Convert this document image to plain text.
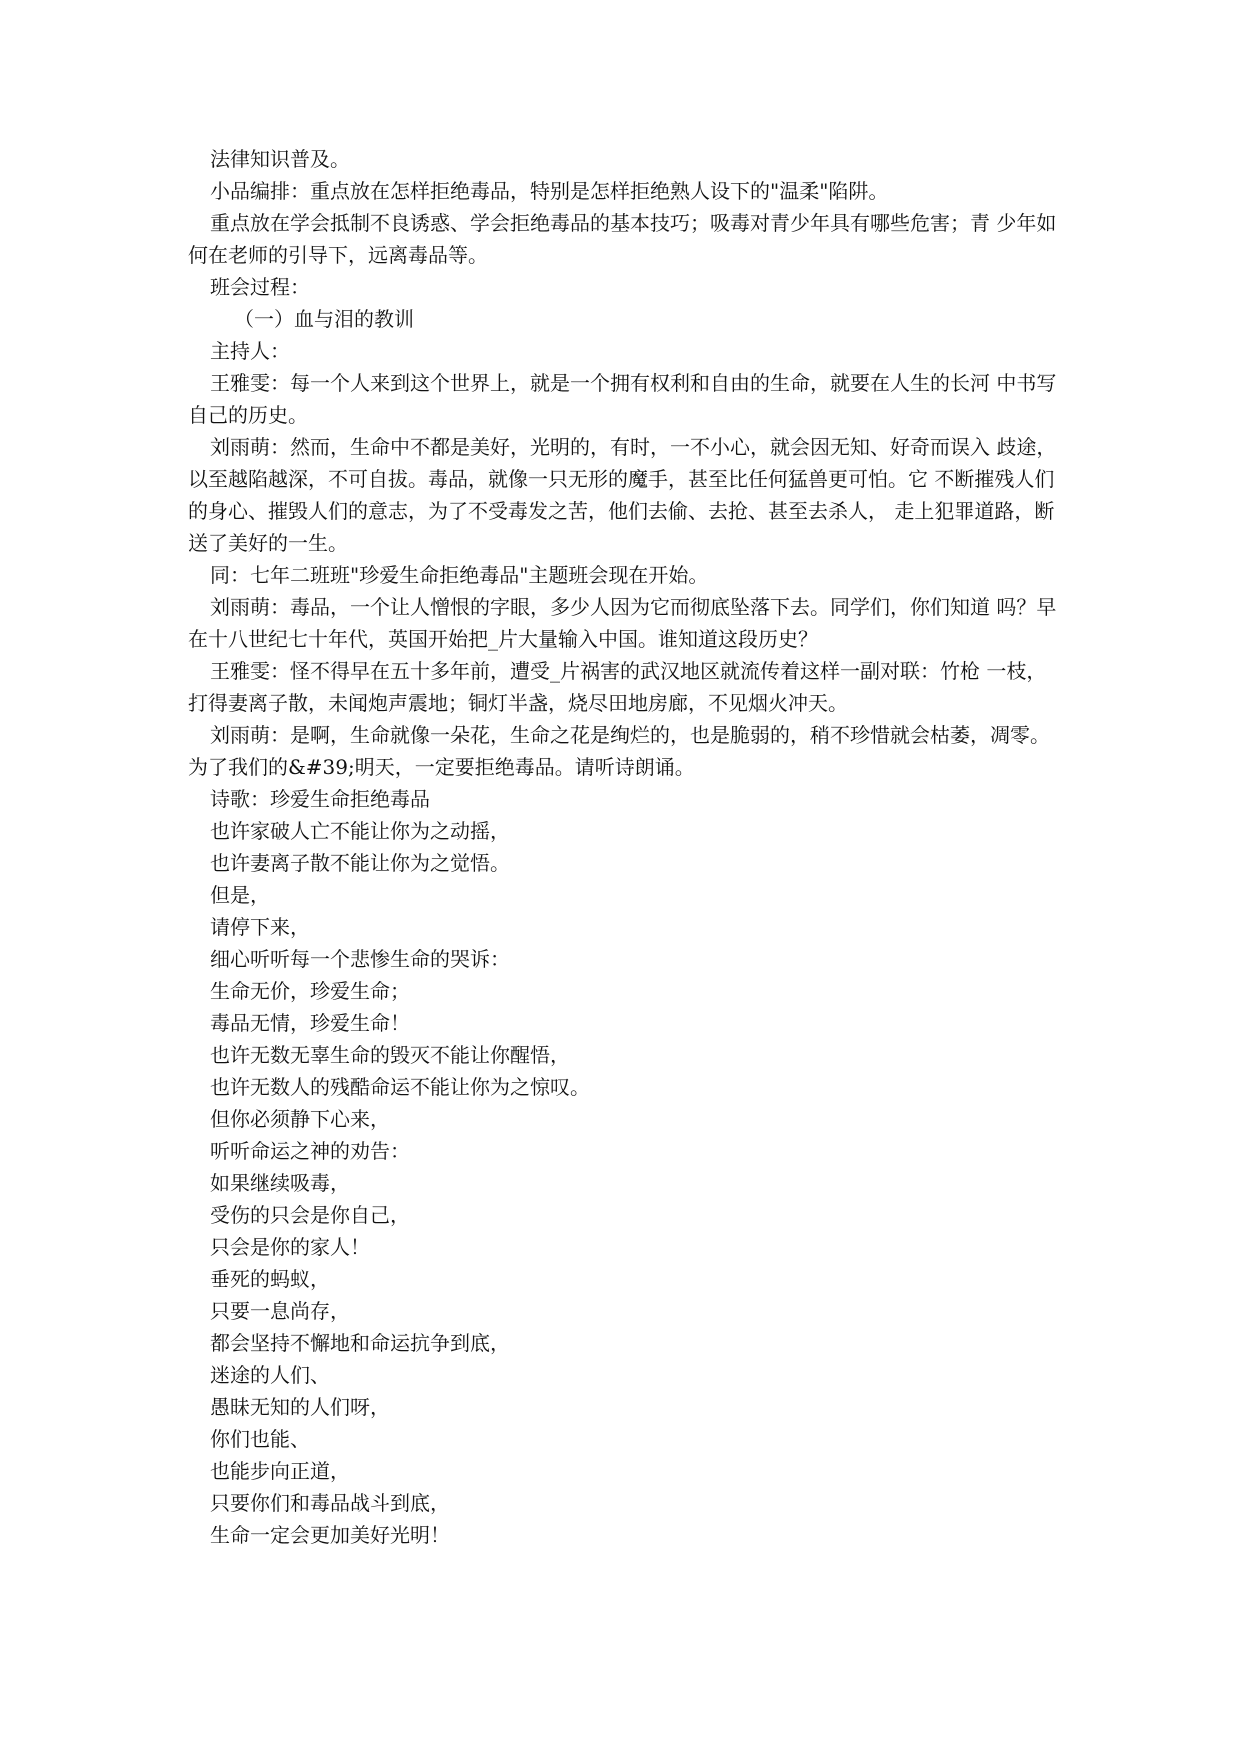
法律知识普及。

小品编排：重点放在怎样拒绝毒品，特别是怎样拒绝熟人设下的"温柔"陷阱。

重点放在学会抵制不良诱惑、学会拒绝毒品的基本技巧；吸毒对青少年具有哪些危害；青 少年如何在老师的引导下，远离毒品等。

班会过程：

（一）血与泪的教训

主持人：

王雅雯：每一个人来到这个世界上，就是一个拥有权利和自由的生命，就要在人生的长河 中书写自己的历史。

刘雨萌：然而，生命中不都是美好，光明的，有时，一不小心，就会因无知、好奇而误入 歧途，以至越陷越深，不可自拔。毒品，就像一只无形的魔手，甚至比任何猛兽更可怕。它 不断摧残人们的身心、摧毁人们的意志，为了不受毒发之苦，他们去偷、去抢、甚至去杀人， 走上犯罪道路，断送了美好的一生。

同：七年二班班"珍爱生命拒绝毒品"主题班会现在开始。

刘雨萌：毒品，一个让人憎恨的字眼，多少人因为它而彻底坠落下去。同学们，你们知道 吗？早在十八世纪七十年代，英国开始把_片大量输入中国。谁知道这段历史？

王雅雯：怪不得早在五十多年前，遭受_片祸害的武汉地区就流传着这样一副对联：竹枪 一枝，打得妻离子散，未闻炮声震地；铜灯半盏，烧尽田地房廊，不见烟火冲天。

刘雨萌：是啊，生命就像一朵花，生命之花是绚烂的，也是脆弱的，稍不珍惜就会枯萎，凋零。为了我们的&#39;明天，一定要拒绝毒品。请听诗朗诵。

诗歌：珍爱生命拒绝毒品

也许家破人亡不能让你为之动摇，

也许妻离子散不能让你为之觉悟。

但是，

请停下来，

细心听听每一个悲惨生命的哭诉：

生命无价，珍爱生命；

毒品无情，珍爱生命！

也许无数无辜生命的毁灭不能让你醒悟，

也许无数人的残酷命运不能让你为之惊叹。

但你必须静下心来，

听听命运之神的劝告：

如果继续吸毒，

受伤的只会是你自己，

只会是你的家人！

垂死的蚂蚁，

只要一息尚存，

都会坚持不懈地和命运抗争到底，

迷途的人们、

愚昧无知的人们呀，

你们也能、

也能步向正道，

只要你们和毒品战斗到底，

生命一定会更加美好光明！
